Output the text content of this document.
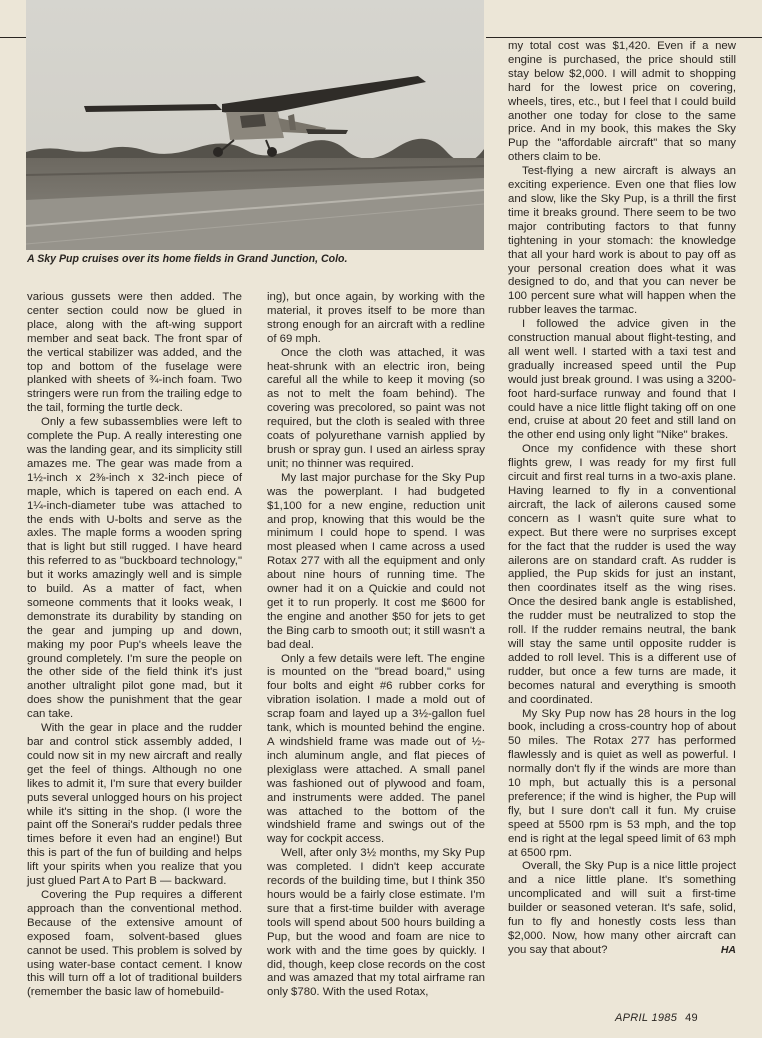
A Sky Pup cruises over its home fields in Grand Junction, Colo.

various gussets were then added. The center section could now be glued in place, along with the aft-wing support member and seat back. The front spar of the vertical stabilizer was added, and the top and bottom of the fuselage were planked with sheets of ¾-inch foam. Two stringers were run from the trailing edge to the tail, forming the turtle deck.

Only a few subassemblies were left to complete the Pup. A really interesting one was the landing gear, and its simplicity still amazes me. The gear was made from a 1½-inch x 2⅜-inch x 32-inch piece of maple, which is tapered on each end. A 1¼-inch-diameter tube was attached to the ends with U-bolts and serve as the axles. The maple forms a wooden spring that is light but still rugged. I have heard this referred to as "buckboard technology," but it works amazingly well and is simple to build. As a matter of fact, when someone comments that it looks weak, I demonstrate its durability by standing on the gear and jumping up and down, making my poor Pup's wheels leave the ground completely. I'm sure the people on the other side of the field think it's just another ultralight pilot gone mad, but it does show the punishment that the gear can take.

With the gear in place and the rudder bar and control stick assembly added, I could now sit in my new aircraft and really get the feel of things. Although no one likes to admit it, I'm sure that every builder puts several unlogged hours on his project while it's sitting in the shop. (I wore the paint off the Sonerai's rudder pedals three times before it even had an engine!) But this is part of the fun of building and helps lift your spirits when you realize that you just glued Part A to Part B — backward.

Covering the Pup requires a different approach than the conventional method. Because of the extensive amount of exposed foam, solvent-based glues cannot be used. This problem is solved by using water-base contact cement. I know this will turn off a lot of traditional builders (remember the basic law of homebuild-

ing), but once again, by working with the material, it proves itself to be more than strong enough for an aircraft with a redline of 69 mph.

Once the cloth was attached, it was heat-shrunk with an electric iron, being careful all the while to keep it moving (so as not to melt the foam behind). The covering was precolored, so paint was not required, but the cloth is sealed with three coats of polyurethane varnish applied by brush or spray gun. I used an airless spray unit; no thinner was required.

My last major purchase for the Sky Pup was the powerplant. I had budgeted $1,100 for a new engine, reduction unit and prop, knowing that this would be the minimum I could hope to spend. I was most pleased when I came across a used Rotax 277 with all the equipment and only about nine hours of running time. The owner had it on a Quickie and could not get it to run properly. It cost me $600 for the engine and another $50 for jets to get the Bing carb to smooth out; it still wasn't a bad deal.

Only a few details were left. The engine is mounted on the "bread board," using four bolts and eight #6 rubber corks for vibration isolation. I made a mold out of scrap foam and layed up a 3½-gallon fuel tank, which is mounted behind the engine. A windshield frame was made out of ½-inch aluminum angle, and flat pieces of plexiglass were attached. A small panel was fashioned out of plywood and foam, and instruments were added. The panel was attached to the bottom of the windshield frame and swings out of the way for cockpit access.

Well, after only 3½ months, my Sky Pup was completed. I didn't keep accurate records of the building time, but I think 350 hours would be a fairly close estimate. I'm sure that a first-time builder with average tools will spend about 500 hours building a Pup, but the wood and foam are nice to work with and the time goes by quickly. I did, though, keep close records on the cost and was amazed that my total airframe ran only $780. With the used Rotax,

my total cost was $1,420. Even if a new engine is purchased, the price should still stay below $2,000. I will admit to shopping hard for the lowest price on covering, wheels, tires, etc., but I feel that I could build another one today for close to the same price. And in my book, this makes the Sky Pup the "affordable aircraft" that so many others claim to be.

Test-flying a new aircraft is always an exciting experience. Even one that flies low and slow, like the Sky Pup, is a thrill the first time it breaks ground. There seem to be two major contributing factors to that funny tightening in your stomach: the knowledge that all your hard work is about to pay off as your personal creation does what it was designed to do, and that you can never be 100 percent sure what will happen when the rubber leaves the tarmac.

I followed the advice given in the construction manual about flight-testing, and all went well. I started with a taxi test and gradually increased speed until the Pup would just break ground. I was using a 3200-foot hard-surface runway and found that I could have a nice little flight taking off on one end, cruise at about 20 feet and still land on the other end using only light "Nike" brakes.

Once my confidence with these short flights grew, I was ready for my first full circuit and first real turns in a two-axis plane. Having learned to fly in a conventional aircraft, the lack of ailerons caused some concern as I wasn't quite sure what to expect. But there were no surprises except for the fact that the rudder is used the way ailerons are on standard craft. As rudder is applied, the Pup skids for just an instant, then coordinates itself as the wing rises. Once the desired bank angle is established, the rudder must be neutralized to stop the roll. If the rudder remains neutral, the bank will stay the same until opposite rudder is added to roll level. This is a different use of rudder, but once a few turns are made, it becomes natural and everything is smooth and coordinated.

My Sky Pup now has 28 hours in the log book, including a cross-country hop of about 50 miles. The Rotax 277 has performed flawlessly and is quiet as well as powerful. I normally don't fly if the winds are more than 10 mph, but actually this is a personal preference; if the wind is higher, the Pup will fly, but I sure don't call it fun. My cruise speed at 5500 rpm is 53 mph, and the top end is right at the legal speed limit of 63 mph at 6500 rpm.

Overall, the Sky Pup is a nice little project and a nice little plane. It's something uncomplicated and will suit a first-time builder or seasoned veteran. It's safe, solid, fun to fly and honestly costs less than $2,000. Now, how many other aircraft can you say that about?	HA

APRIL 1985 49
